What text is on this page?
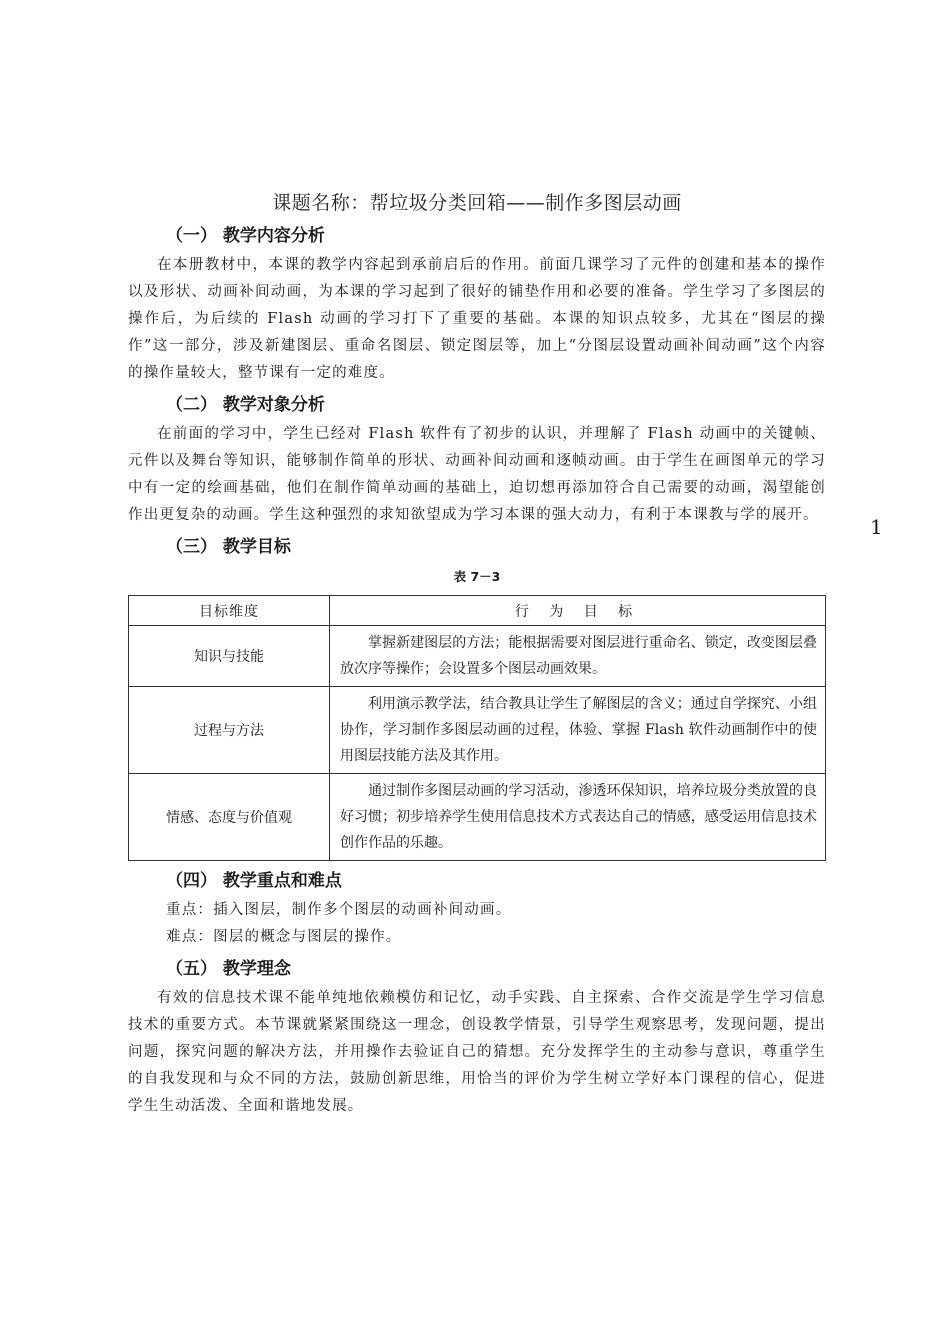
课题名称：帮垃圾分类回箱——制作多图层动画
（一） 教学内容分析

在本册教材中，本课的教学内容起到承前启后的作用。前面几课学习了元件的创建和基本的操作以及形状、动画补间动画，为本课的学习起到了很好的铺垫作用和必要的准备。学生学习了多图层的操作后，为后续的 Flash 动画的学习打下了重要的基础。本课的知识点较多，尤其在“图层的操作”这一部分，涉及新建图层、重命名图层、锁定图层等，加上“分图层设置动画补间动画”这个内容的操作量较大，整节课有一定的难度。

（二） 教学对象分析

在前面的学习中，学生已经对 Flash 软件有了初步的认识，并理解了 Flash 动画中的关键帧、元件以及舞台等知识，能够制作简单的形状、动画补间动画和逐帧动画。由于学生在画图单元的学习中有一定的绘画基础，他们在制作简单动画的基础上，迫切想再添加符合自己需要的动画，渴望能创作出更复杂的动画。学生这种强烈的求知欲望成为学习本课的强大动力，有利于本课教与学的展开。

（三） 教学目标
表 7－3
目标维度	行 为 目 标
知识与技能	掌握新建图层的方法；能根据需要对图层进行重命名、锁定，改变图层叠放次序等操作；会设置多个图层动画效果。
过程与方法	利用演示教学法，结合教具让学生了解图层的含义；通过自学探究、小组协作，学习制作多图层动画的过程，体验、掌握 Flash 软件动画制作中的使用图层技能方法及其作用。
情感、态度与价值观	通过制作多图层动画的学习活动，渗透环保知识，培养垃圾分类放置的良好习惯；初步培养学生使用信息技术方式表达自己的情感，感受运用信息技术创作作品的乐趣。
（四） 教学重点和难点

重点：插入图层，制作多个图层的动画补间动画。

难点：图层的概念与图层的操作。

（五） 教学理念

有效的信息技术课不能单纯地依赖模仿和记忆，动手实践、自主探索、合作交流是学生学习信息技术的重要方式。本节课就紧紧围绕这一理念，创设教学情景，引导学生观察思考，发现问题，提出问题，探究问题的解决方法，并用操作去验证自己的猜想。充分发挥学生的主动参与意识，尊重学生的自我发现和与众不同的方法，鼓励创新思维，用恰当的评价为学生树立学好本门课程的信心，促进学生生动活泼、全面和谐地发展。

1
